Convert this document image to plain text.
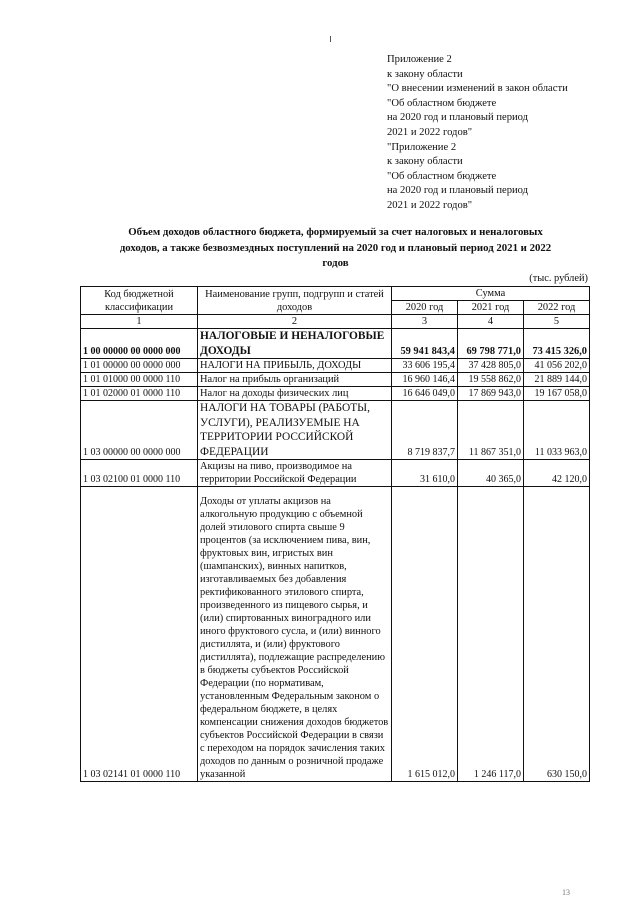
Приложение 2
к закону области
"О внесении изменений в закон области
"Об областном бюджете
на 2020 год и плановый период
2021 и 2022 годов"
"Приложение 2
к закону области
"Об областном бюджете
на 2020 год и плановый период
2021 и 2022 годов"
Объем доходов областного бюджета, формируемый за счет налоговых и неналоговых доходов, а также безвозмездных поступлений на 2020 год и плановый период 2021 и 2022 годов
(тыс. рублей)
Код бюджетной классификации	Наименование групп, подгрупп и статей доходов	Сумма		
		2020 год	2021 год	2022 год
1	2	3	4	5
1 00 00000 00 0000 000	НАЛОГОВЫЕ И НЕНАЛОГОВЫЕ ДОХОДЫ	59 941 843,4	69 798 771,0	73 415 326,0
1 01 00000 00 0000 000	НАЛОГИ НА ПРИБЫЛЬ, ДОХОДЫ	33 606 195,4	37 428 805,0	41 056 202,0
1 01 01000 00 0000 110	Налог на прибыль организаций	16 960 146,4	19 558 862,0	21 889 144,0
1 01 02000 01 0000 110	Налог на доходы физических лиц	16 646 049,0	17 869 943,0	19 167 058,0
1 03 00000 00 0000 000	НАЛОГИ НА ТОВАРЫ (РАБОТЫ, УСЛУГИ), РЕАЛИЗУЕМЫЕ НА ТЕРРИТОРИИ РОССИЙСКОЙ ФЕДЕРАЦИИ	8 719 837,7	11 867 351,0	11 033 963,0
1 03 02100 01 0000 110	Акцизы на пиво, производимое на территории Российской Федерации	31 610,0	40 365,0	42 120,0
1 03 02141 01 0000 110	Доходы от уплаты акцизов на алкогольную продукцию с объемной долей этилового спирта свыше 9 процентов (за исключением пива, вин, фруктовых вин, игристых вин (шампанских), винных напитков, изготавливаемых без добавления ректификованного этилового спирта, произведенного из пищевого сырья, и (или) спиртованных виноградного или иного фруктового сусла, и (или) винного дистиллята, и (или) фруктового дистиллята), подлежащие распределению в бюджеты субъектов Российской Федерации (по нормативам, установленным Федеральным законом о федеральном бюджете, в целях компенсации снижения доходов бюджетов субъектов Российской Федерации в связи с переходом на порядок зачисления таких доходов по данным о розничной продаже указанной	1 615 012,0	1 246 117,0	630 150,0
13
